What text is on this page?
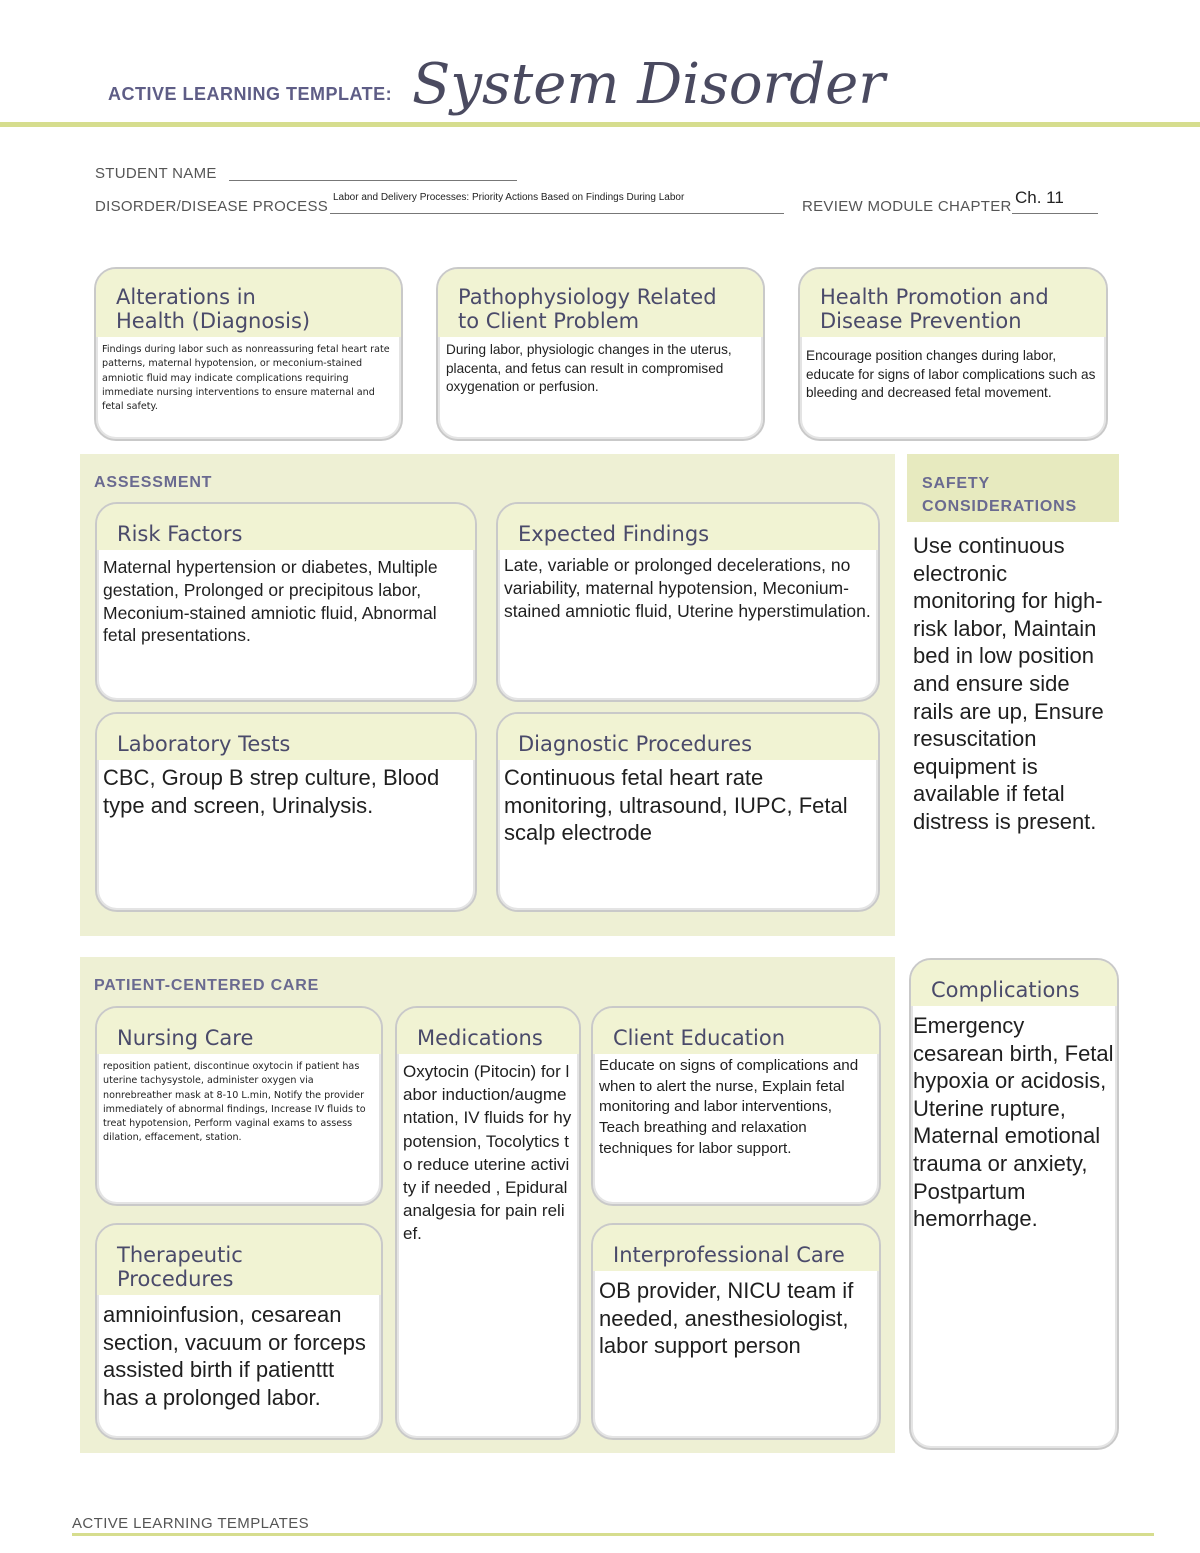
ACTIVE LEARNING TEMPLATE: System Disorder
STUDENT NAME
DISORDER/DISEASE PROCESS
Labor and Delivery Processes: Priority Actions Based on Findings During Labor
REVIEW MODULE CHAPTER Ch. 11
Alterations in
Health (Diagnosis)
Findings during labor such as nonreassuring fetal heart rate patterns, maternal hypotension, or meconium-stained amniotic fluid may indicate complications requiring immediate nursing interventions to ensure maternal and fetal safety.
Pathophysiology Related
to Client Problem
During labor, physiologic changes in the uterus, placenta, and fetus can result in compromised oxygenation or perfusion.
Health Promotion and
Disease Prevention
Encourage position changes during labor, educate for signs of labor complications such as bleeding and decreased fetal movement.
ASSESSMENT
Risk Factors
Maternal hypertension or diabetes, Multiple gestation, Prolonged or precipitous labor, Meconium-stained amniotic fluid, Abnormal fetal presentations.
Expected Findings
Late, variable or prolonged decelerations, no variability, maternal hypotension, Meconium-stained amniotic fluid, Uterine hyperstimulation.
Laboratory Tests
CBC, Group B strep culture, Blood type and screen, Urinalysis.
Diagnostic Procedures
Continuous fetal heart rate monitoring, ultrasound, IUPC, Fetal scalp electrode
SAFETY
CONSIDERATIONS
Use continuous electronic monitoring for high-risk labor, Maintain bed in low position and ensure side rails are up, Ensure resuscitation equipment is available if fetal distress is present.
PATIENT-CENTERED CARE
Nursing Care
reposition patient, discontinue oxytocin if patient has uterine tachysystole, administer oxygen via nonrebreather mask at 8-10 L.min, Notify the provider immediately of abnormal findings, Increase IV fluids to treat hypotension, Perform vaginal exams to assess dilation, effacement, station.
Medications
Oxytocin (Pitocin) for labor induction/augmentation, IV fluids for hypotension, Tocolytics to reduce uterine activity if needed , Epidural analgesia for pain relief.
Client Education
Educate on signs of complications and when to alert the nurse, Explain fetal monitoring and labor interventions, Teach breathing and relaxation techniques for labor support.
Therapeutic Procedures
amnioinfusion, cesarean section, vacuum or forceps assisted birth if patienttt has a prolonged labor.
Interprofessional Care
OB provider, NICU team if needed, anesthesiologist, labor support person
Complications
Emergency cesarean birth, Fetal hypoxia or acidosis, Uterine rupture, Maternal emotional trauma or anxiety, Postpartum hemorrhage.
ACTIVE LEARNING TEMPLATES
